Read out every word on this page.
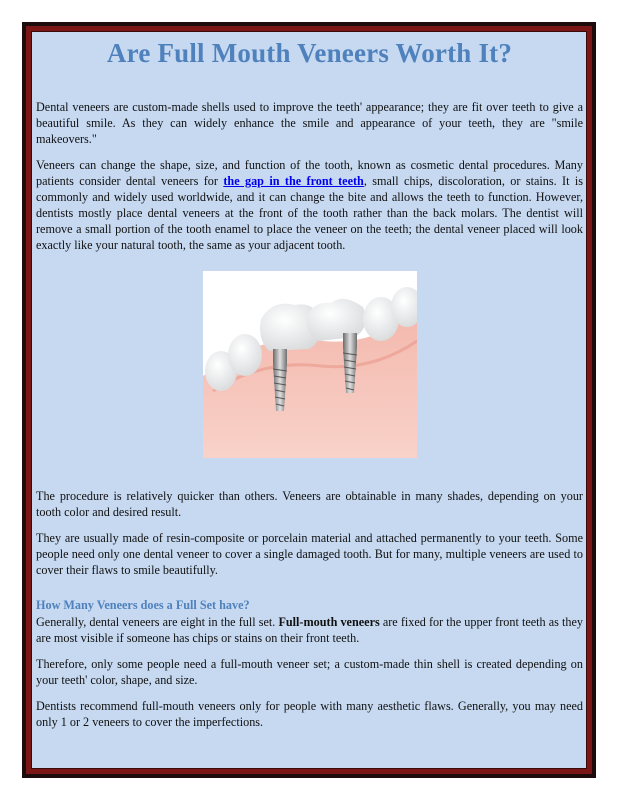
Are Full Mouth Veneers Worth It?

Dental veneers are custom-made shells used to improve the teeth' appearance; they are fit over teeth to give a beautiful smile. As they can widely enhance the smile and appearance of your teeth, they are "smile makeovers."

Veneers can change the shape, size, and function of the tooth, known as cosmetic dental procedures. Many patients consider dental veneers for the gap in the front teeth, small chips, discoloration, or stains. It is commonly and widely used worldwide, and it can change the bite and allows the teeth to function. However, dentists mostly place dental veneers at the front of the tooth rather than the back molars. The dentist will remove a small portion of the tooth enamel to place the veneer on the teeth; the dental veneer placed will look exactly like your natural tooth, the same as your adjacent tooth.

The procedure is relatively quicker than others. Veneers are obtainable in many shades, depending on your tooth color and desired result.

They are usually made of resin-composite or porcelain material and attached permanently to your teeth. Some people need only one dental veneer to cover a single damaged tooth. But for many, multiple veneers are used to cover their flaws to smile beautifully.

How Many Veneers does a Full Set have?

Generally, dental veneers are eight in the full set. Full-mouth veneers are fixed for the upper front teeth as they are most visible if someone has chips or stains on their front teeth.

Therefore, only some people need a full-mouth veneer set; a custom-made thin shell is created depending on your teeth' color, shape, and size.

Dentists recommend full-mouth veneers only for people with many aesthetic flaws. Generally, you may need only 1 or 2 veneers to cover the imperfections.
